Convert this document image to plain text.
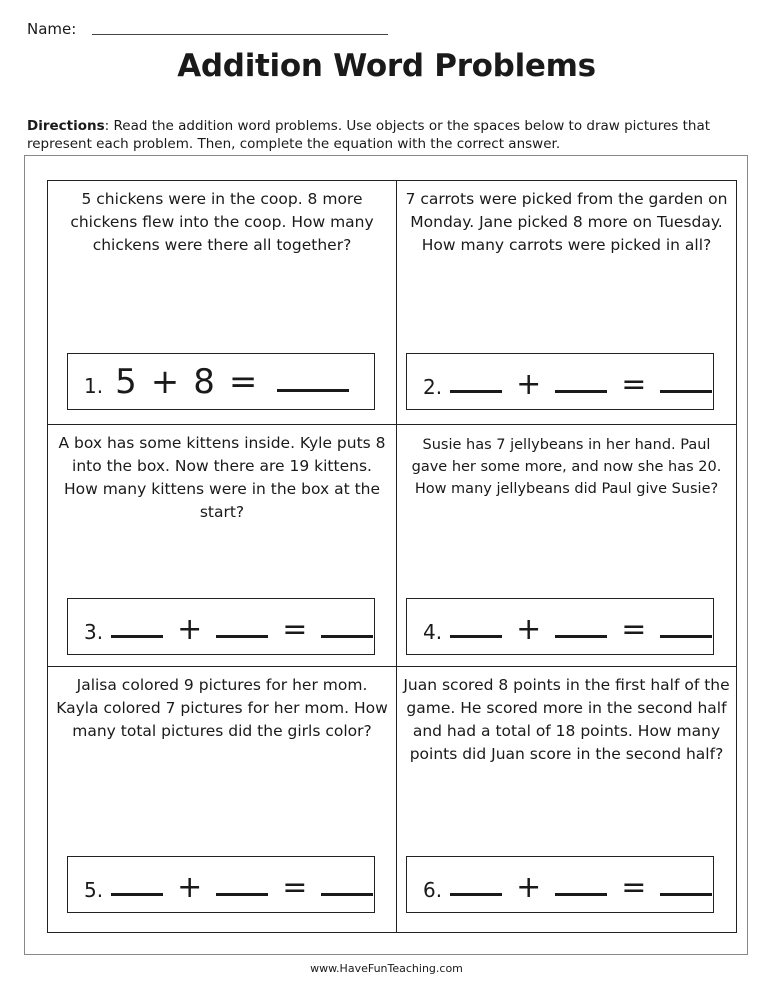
Name:
Addition Word Problems
Directions: Read the addition word problems. Use objects or the spaces below to draw pictures that represent each problem. Then, complete the equation with the correct answer.
5 chickens were in the coop. 8 more chickens flew into the coop. How many chickens were there all together?
1. 5 + 8 =
7 carrots were picked from the garden on Monday. Jane picked 8 more on Tuesday. How many carrots were picked in all?
2. +	=
A box has some kittens inside. Kyle puts 8 into the box. Now there are 19 kittens. How many kittens were in the box at the start?
3. +	=
Susie has 7 jellybeans in her hand. Paul gave her some more, and now she has 20. How many jellybeans did Paul give Susie?
4. +	=
Jalisa colored 9 pictures for her mom. Kayla colored 7 pictures for her mom. How many total pictures did the girls color?
5. +	=
Juan scored 8 points in the first half of the game. He scored more in the second half and had a total of 18 points. How many points did Juan score in the second half?
6. +	=
www.HaveFunTeaching.com
